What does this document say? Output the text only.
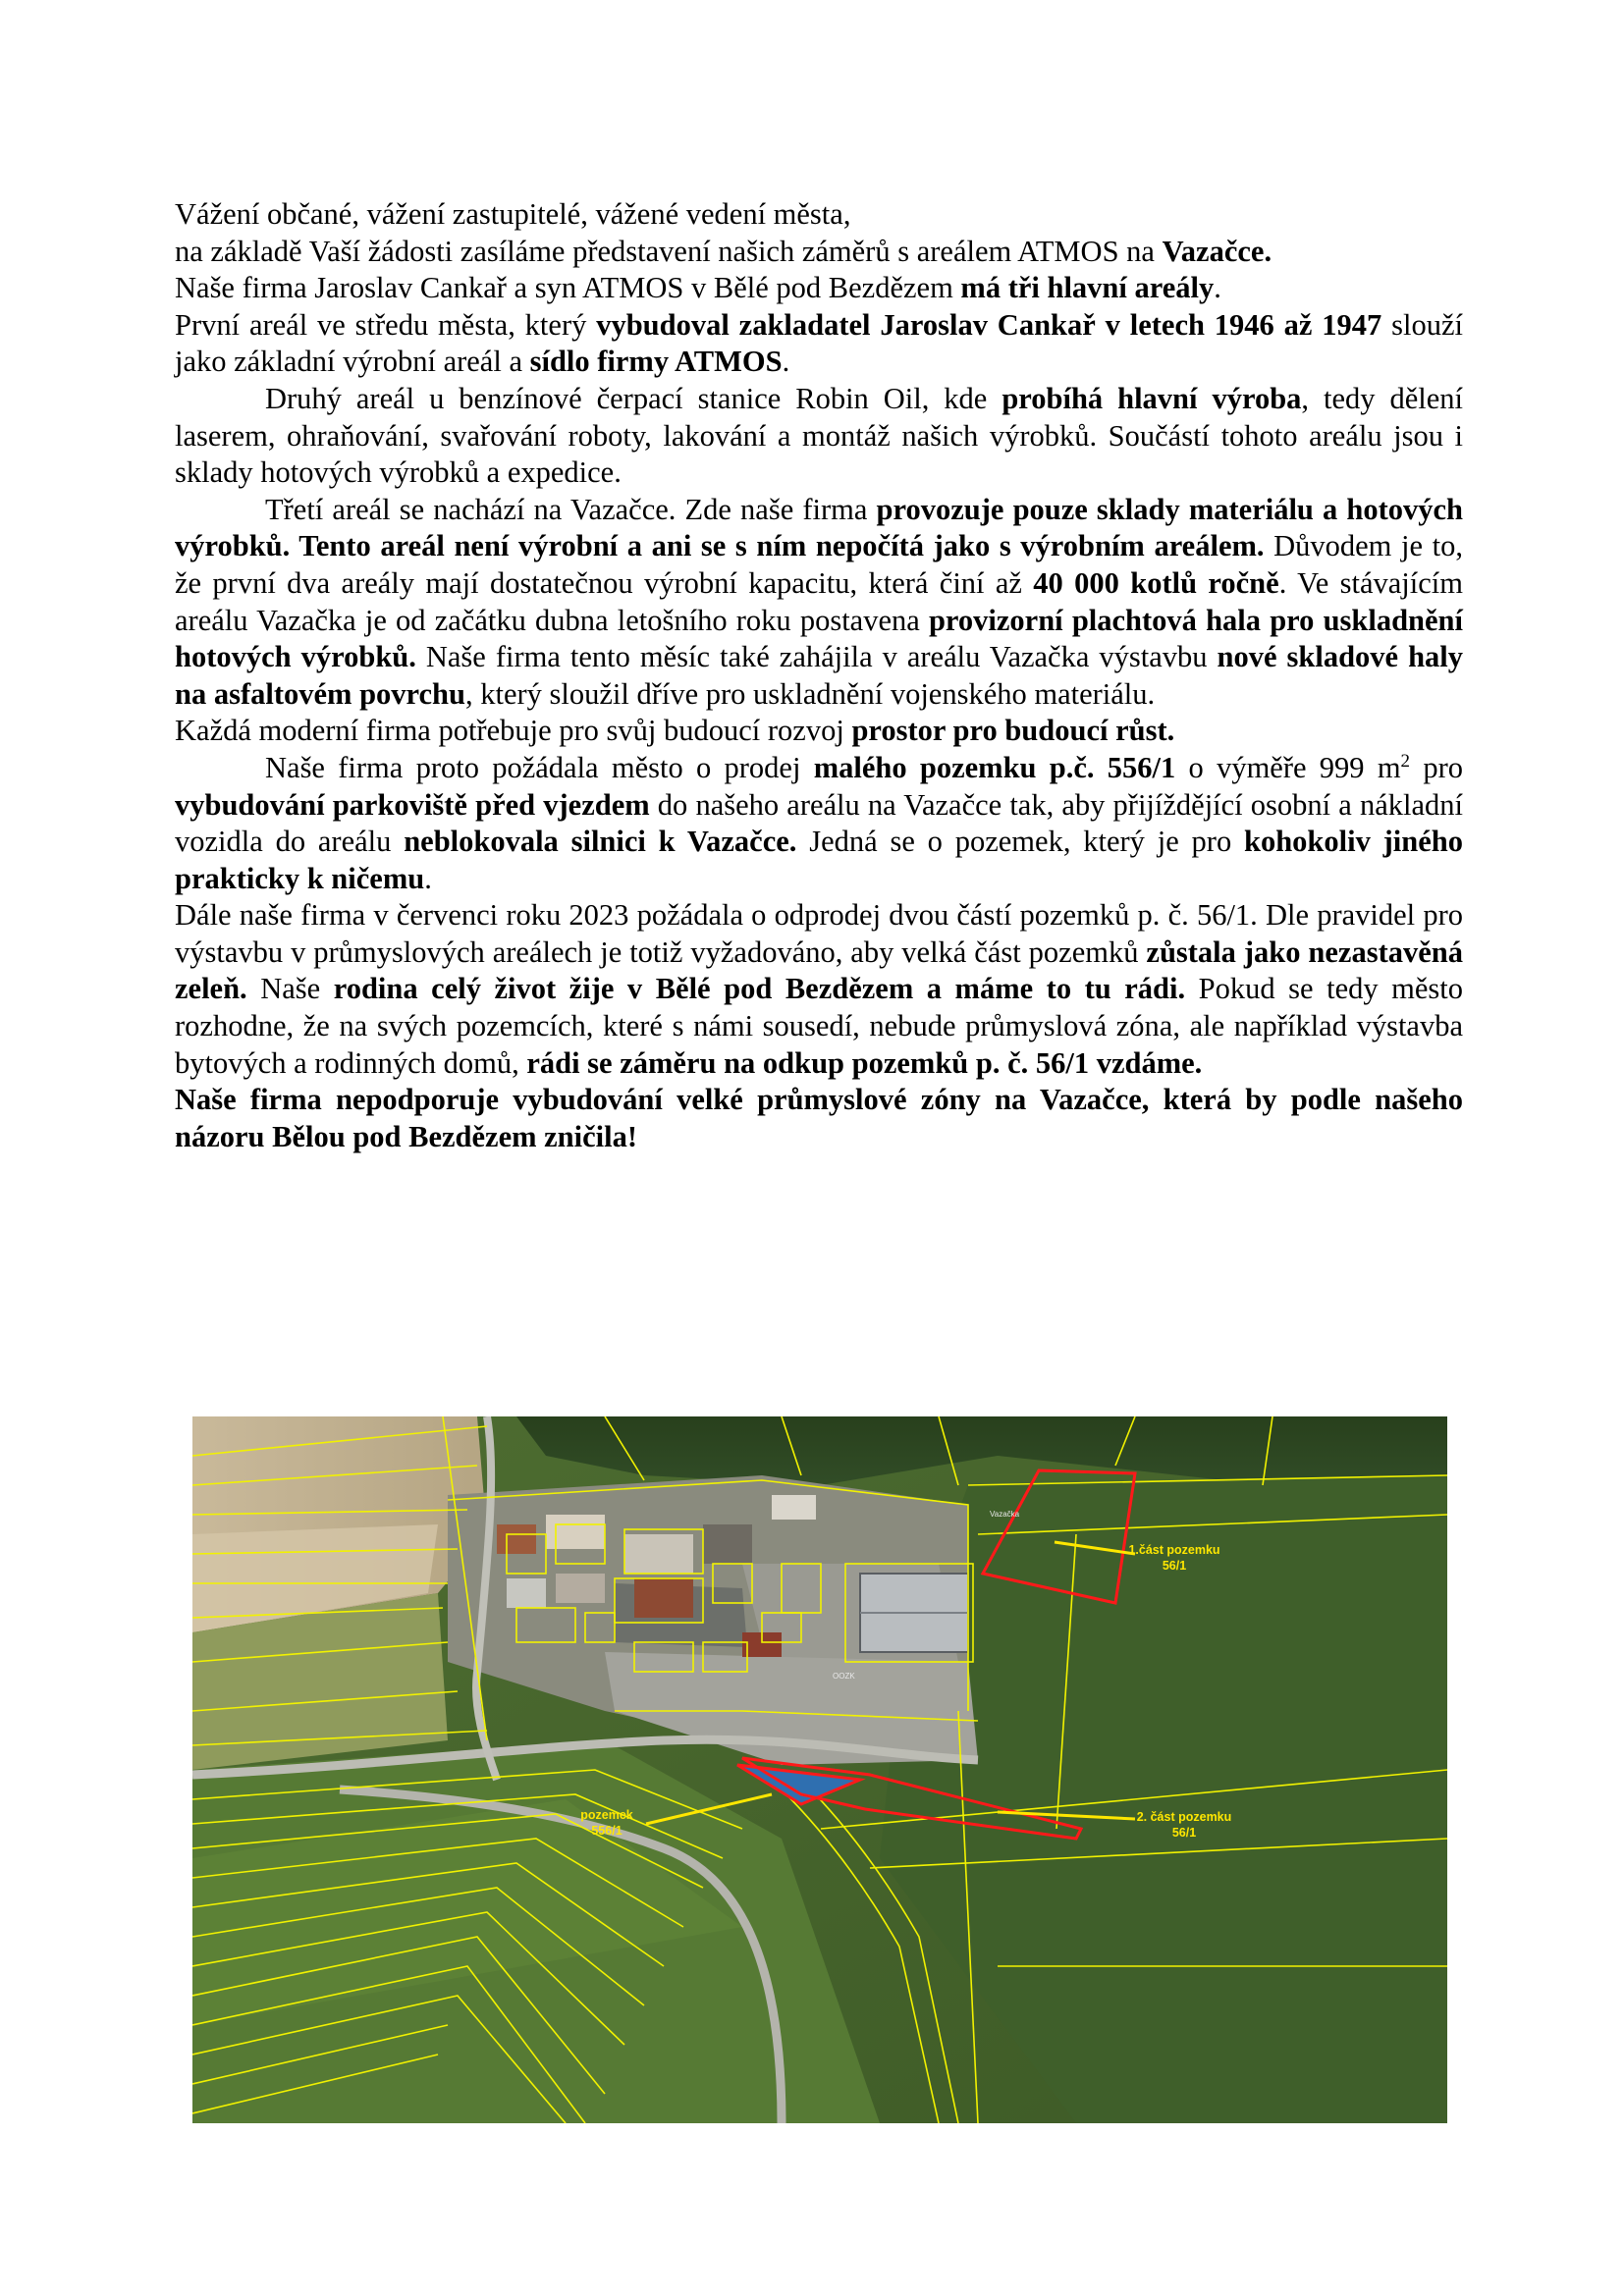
Vážení občané, vážení zastupitelé, vážené vedení města,

na základě Vaší žádosti zasíláme představení našich záměrů s areálem ATMOS na Vazačce.

Naše firma Jaroslav Cankař a syn ATMOS v Bělé pod Bezdězem má tři hlavní areály.

První areál ve středu města, který vybudoval zakladatel Jaroslav Cankař v letech 1946 až 1947 slouží jako základní výrobní areál a sídlo firmy ATMOS.

Druhý areál u benzínové čerpací stanice Robin Oil, kde probíhá hlavní výroba, tedy dělení laserem, ohraňování, svařování roboty, lakování a montáž našich výrobků. Součástí tohoto areálu jsou i sklady hotových výrobků a expedice.

Třetí areál se nachází na Vazačce. Zde naše firma provozuje pouze sklady materiálu a hotových výrobků. Tento areál není výrobní a ani se s ním nepočítá jako s výrobním areálem. Důvodem je to, že první dva areály mají dostatečnou výrobní kapacitu, která činí až 40 000 kotlů ročně. Ve stávajícím areálu Vazačka je od začátku dubna letošního roku postavena provizorní plachtová hala pro uskladnění hotových výrobků. Naše firma tento měsíc také zahájila v areálu Vazačka výstavbu nové skladové haly na asfaltovém povrchu, který sloužil dříve pro uskladnění vojenského materiálu.

Každá moderní firma potřebuje pro svůj budoucí rozvoj prostor pro budoucí růst.

Naše firma proto požádala město o prodej malého pozemku p.č. 556/1 o výměře 999 $m^2$ pro vybudování parkoviště před vjezdem do našeho areálu na Vazačce tak, aby přijíždějící osobní a nákladní vozidla do areálu neblokovala silnici k Vazačce. Jedná se o pozemek, který je pro kohokoliv jiného prakticky k ničemu.

Dále naše firma v červenci roku 2023 požádala o odprodej dvou částí pozemků p. č. 56/1. Dle pravidel pro výstavbu v průmyslových areálech je totiž vyžadováno, aby velká část pozemků zůstala jako nezastavěná zeleň. Naše rodina celý život žije v Bělé pod Bezdězem a máme to tu rádi. Pokud se tedy město rozhodne, že na svých pozemcích, které s námi sousedí, nebude průmyslová zóna, ale například výstavba bytových a rodinných domů, rádi se záměru na odkup pozemků p. č. 56/1 vzdáme.

Naše firma nepodporuje vybudování velké průmyslové zóny na Vazačce, která by podle našeho názoru Bělou pod Bezdězem zničila!

1.část pozemku
56/1
pozemek
556/1
2. část pozemku
56/1
Vazačka
OOZK
